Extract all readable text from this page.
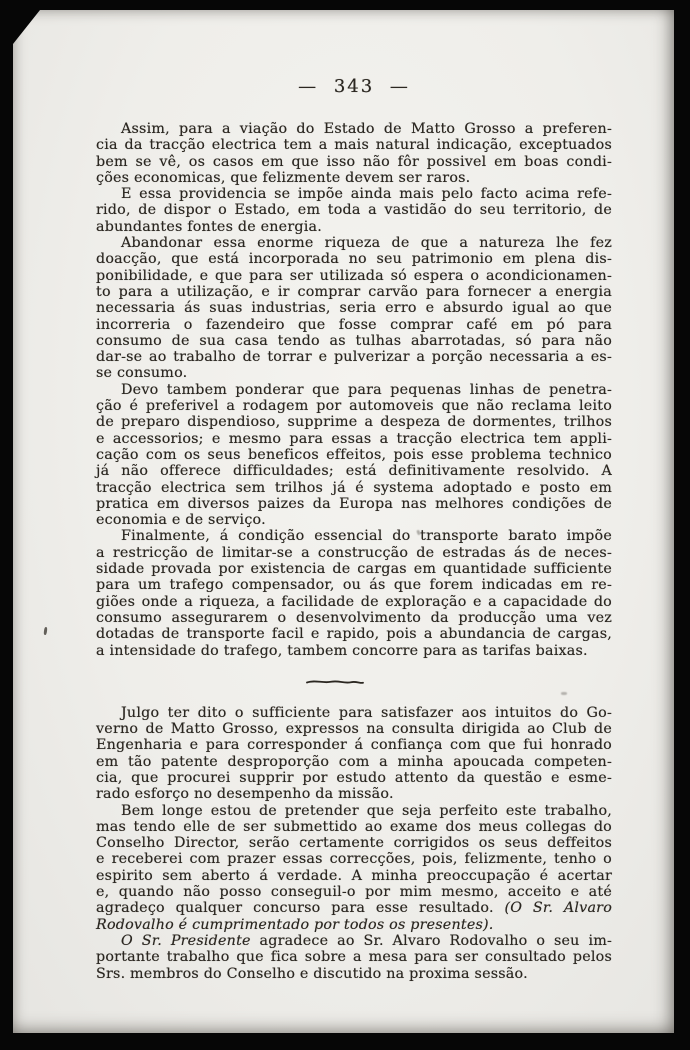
— 343 —
Assim, para a viação do Estado de Matto Grosso a preferen-
cia da tracção electrica tem a mais natural indicação, exceptuados
bem se vê, os casos em que isso não fôr possivel em boas condi-
ções economicas, que felizmente devem ser raros.
E essa providencia se impõe ainda mais pelo facto acima refe-
rido, de dispor o Estado, em toda a vastidão do seu territorio, de
abundantes fontes de energia.
Abandonar essa enorme riqueza de que a natureza lhe fez
doacção, que está incorporada no seu patrimonio em plena dis-
ponibilidade, e que para ser utilizada só espera o acondicionamen-
to para a utilização, e ir comprar carvão para fornecer a energia
necessaria ás suas industrias, seria erro e absurdo igual ao que
incorreria o fazendeiro que fosse comprar café em pó para
consumo de sua casa tendo as tulhas abarrotadas, só para não
dar-se ao trabalho de torrar e pulverizar a porção necessaria a es-
se consumo.
Devo tambem ponderar que para pequenas linhas de penetra-
ção é preferivel a rodagem por automoveis que não reclama leito
de preparo dispendioso, supprime a despeza de dormentes, trilhos
e accessorios; e mesmo para essas a tracção electrica tem appli-
cação com os seus beneficos effeitos, pois esse problema technico
já não offerece difficuldades; está definitivamente resolvido. A
tracção electrica sem trilhos já é systema adoptado e posto em
pratica em diversos paizes da Europa nas melhores condições de
economia e de serviço.
Finalmente, á condição essencial do transporte barato impõe
a restricção de limitar-se a construcção de estradas ás de neces-
sidade provada por existencia de cargas em quantidade sufficiente
para um trafego compensador, ou ás que forem indicadas em re-
giões onde a riqueza, a facilidade de exploração e a capacidade do
consumo assegurarem o desenvolvimento da producção uma vez
dotadas de transporte facil e rapido, pois a abundancia de cargas,
a intensidade do trafego, tambem concorre para as tarifas baixas.
Julgo ter dito o sufficiente para satisfazer aos intuitos do Go-
verno de Matto Grosso, expressos na consulta dirigida ao Club de
Engenharia e para corresponder á confiança com que fui honrado
em tão patente desproporção com a minha apoucada competen-
cia, que procurei supprir por estudo attento da questão e esme-
rado esforço no desempenho da missão.
Bem longe estou de pretender que seja perfeito este trabalho,
mas tendo elle de ser submettido ao exame dos meus collegas do
Conselho Director, serão certamente corrigidos os seus deffeitos
e receberei com prazer essas correcções, pois, felizmente, tenho o
espirito sem aberto á verdade. A minha preoccupação é acertar
e, quando não posso conseguil-o por mim mesmo, acceito e até
agradeço qualquer concurso para esse resultado. (O Sr. Alvaro
Rodovalho é cumprimentado por todos os presentes).
O Sr. Presidente agradece ao Sr. Alvaro Rodovalho o seu im-
portante trabalho que fica sobre a mesa para ser consultado pelos
Srs. membros do Conselho e discutido na proxima sessão.
